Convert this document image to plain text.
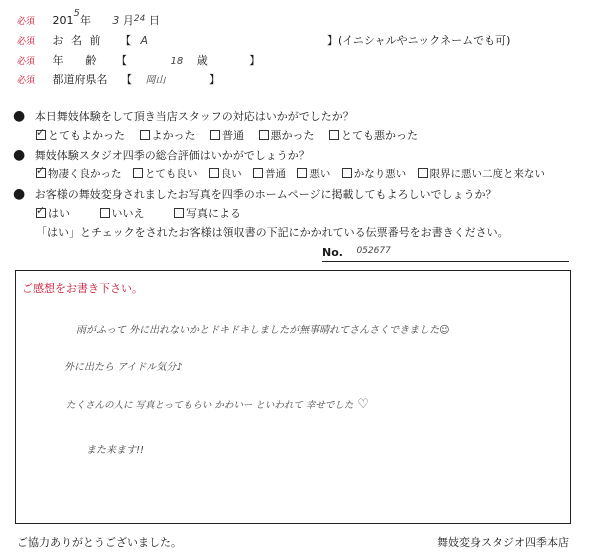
必須 2015年 3 月$^{24}$ 日
必須 お 名 前 【 A	】(イニシャルやニックネームでも可)
必須 年　　齢 【	18 歳	】
必須 都道府県名 【 岡山	】
● 本日舞妓体験をして頂き当店スタッフの対応はいかがでしたか？
✓ とてもよかった よかった 普通 悪かった とても悪かった
● 舞妓体験スタジオ四季の総合評価はいかがでしょうか？
✓ 物凄く良かった とても良い 良い 普通 悪い かなり悪い 限界に悪い二度と来ない
● お客様の舞妓変身されましたお写真を四季のホームページに掲載してもよろしいでしょうか？
✓ はい	いいえ	写真による
「はい」とチェックをされたお客様は領収書の下記にかかれている伝票番号をお書きください。
No. $^{052677}$
ご感想をお書き下さい。
雨がふって 外に出れないかとドキドキしましたが無事晴れてさんさくできました☺
外に出たら アイドル気分♪
たくさんの人に 写真とってもらい かわいー といわれて 幸せでした ♡
また来ます!!
ご協力ありがとうございました。	舞妓変身スタジオ四季本店
